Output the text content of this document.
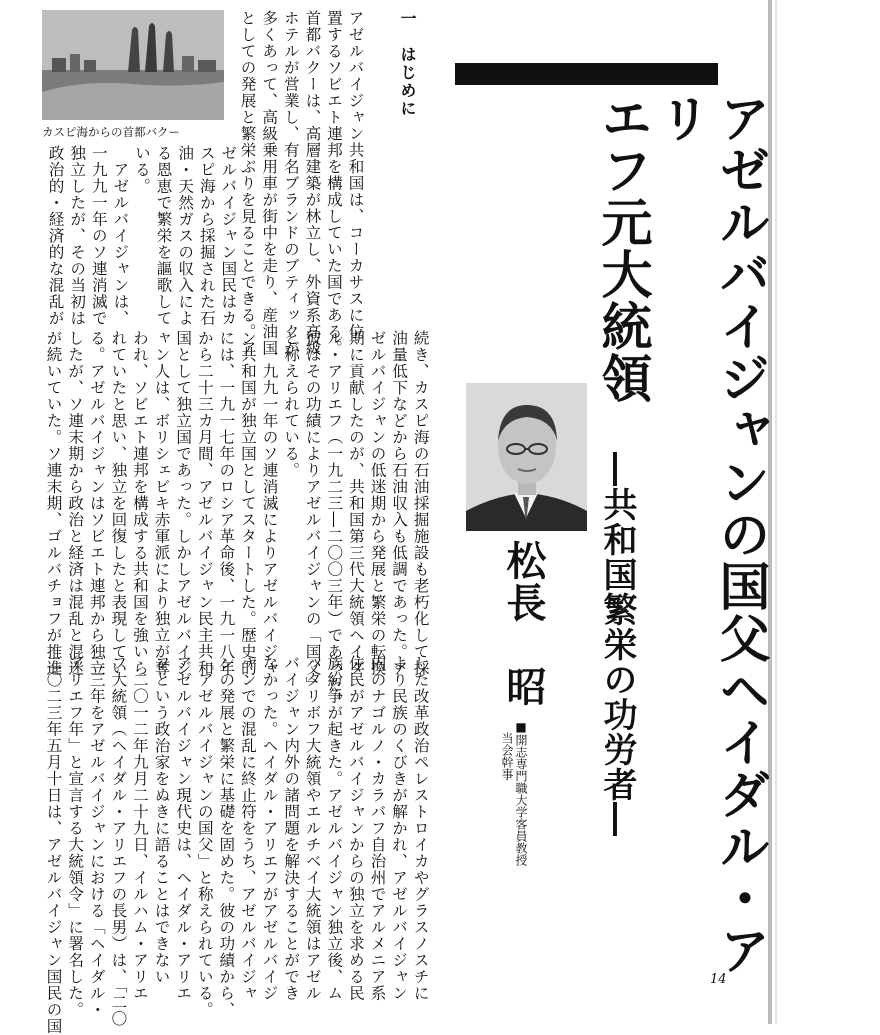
アゼルバイジャンの国父ヘイダル・アリ
エフ元大統領
―共和国繁栄の功労者―
松長　昭
■開志専門職大学客員教授
　当会幹事
カスピ海からの首都バクー
一　はじめに
アゼルバイジャン共和国は、コーカサスに位
置するソビエト連邦を構成していた国である。
首都バクーは、高層建築が林立し、外資系高級
ホテルが営業し、有名ブランドのブティックが
多くあって、高級乗用車が街中を走り、産油国
としての発展と繁栄ぶりを見ることできる。ア
ゼルバイジャン国民はカ
スピ海から採掘された石
油・天然ガスの収入によ
る恩恵で繁栄を謳歌して
いる。
　アゼルバイジャンは、
一九九一年のソ連消滅で
独立したが、その当初は
政治的・経済的な混乱が
続き、カスピ海の石油採掘施設も老朽化して採
油量低下などから石油収入も低調であった。ア
ゼルバイジャンの低迷期から発展と繁栄の転換
期に貢献したのが、共和国第三代大統領ヘイダ
ル・アリエフ（一九二三―二〇〇三年）であった。
彼はその功績によりアゼルバイジャンの「国父」
と称えられている。
　一九九一年のソ連消滅によりアゼルバイジャ
ン共和国が独立国としてスタートした。歴史的
には、一九一七年のロシア革命後、一九一八年
から二十三カ月間、アゼルバイジャン民主共和
国として独立国であった。しかしアゼルバイジ
ャン人は、ボリシェビキ赤軍派により独立が奪
われ、ソビエト連邦を構成する共和国を強いら
れていたと思い、独立を回復したと表現してい
る。アゼルバイジャンはソビエト連邦から独立
したが、ソ連末期から政治と経済は混乱と混迷
が続いていた。ソ連末期、ゴルバチョフが推進
した改革政治ペレストロイカやグラスノスチに
より民族のくびきが解かれ、アゼルバイジャン
内のナゴルノ・カラバフ自治州でアルメニア系
住民がアゼルバイジャンからの独立を求める民
族紛争が起きた。アゼルバイジャン独立後、ム
ッタリボフ大統領やエルチベイ大統領はアゼル
バイジャン内外の諸問題を解決することができ
なかった。ヘイダル・アリエフがアゼルバイジ
ャンでの混乱に終止符をうち、アゼルバイジャ
ンの発展と繁栄に基礎を固めた。彼の功績から、
「アゼルバイジャンの国父」と称えられている。
アゼルバイジャン現代史は、ヘイダル・アリエ
フという政治家をぬきに語ることはできない
　二〇一二年九月二十九日、イルハム・アリエ
フ大統領（ヘイダル・アリエフの長男）は、「二〇
二三年をアゼルバイジャンにおける「ヘイダル・
アリエフ年」と宣言する大統領令」に署名した。
二〇二三年五月十日は、アゼルバイジャン国民の国	14
